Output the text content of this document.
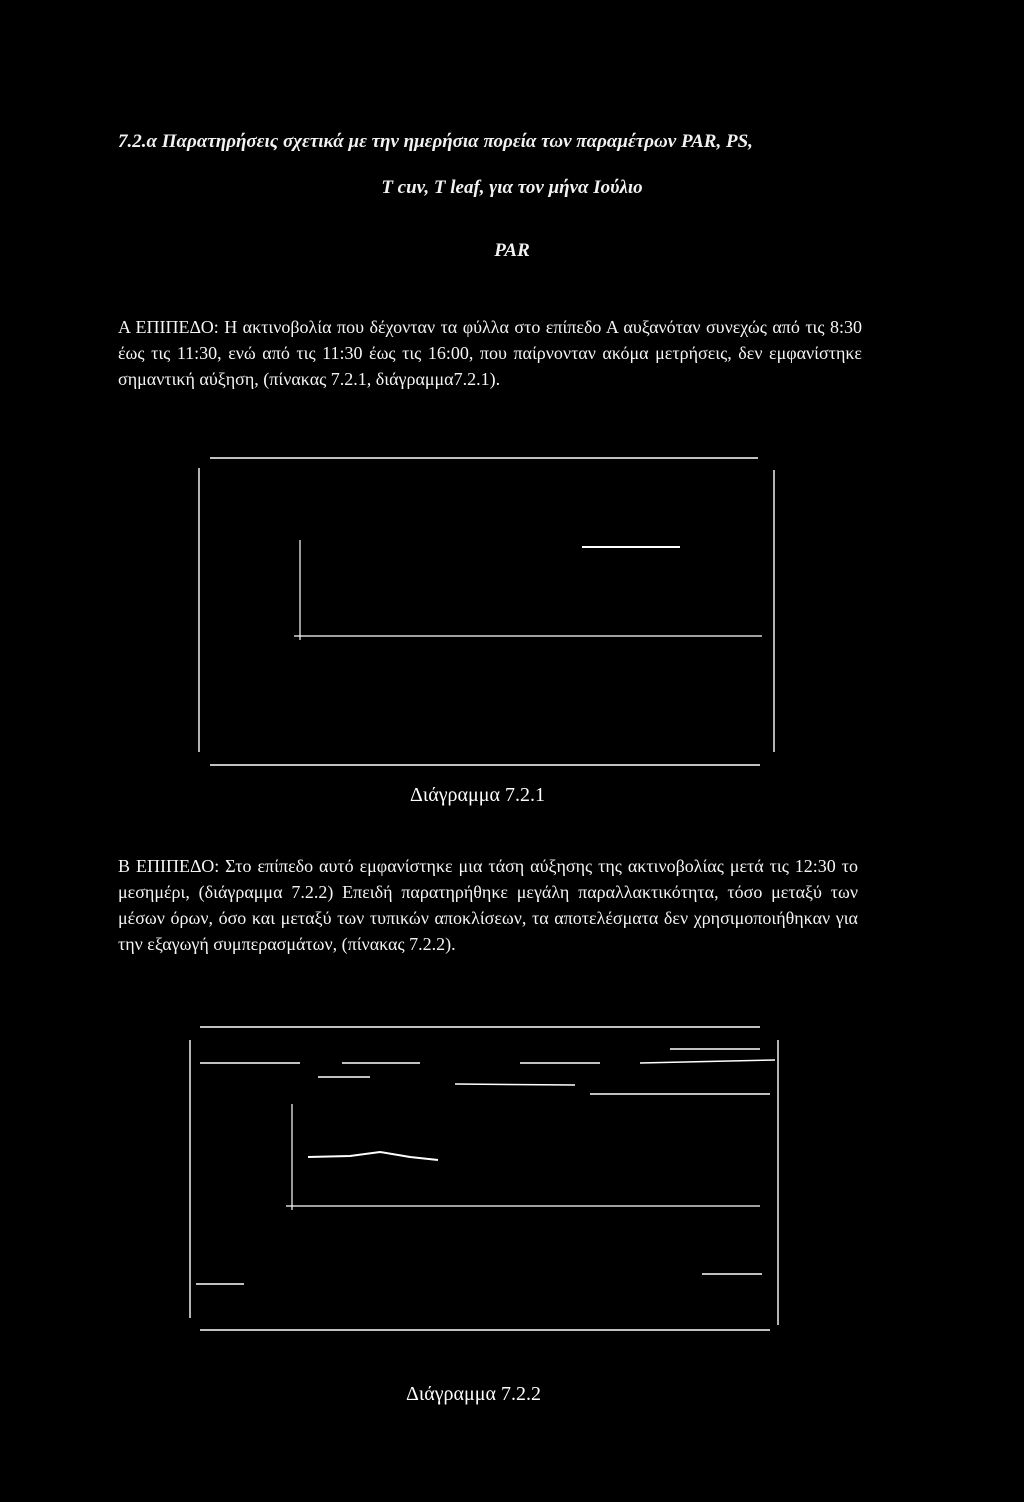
7.2.α Παρατηρήσεις σχετικά με την ημερήσια πορεία των παραμέτρων PAR, PS,
T cuv, T leaf, για τον μήνα Ιούλιο
PAR

Α ΕΠΙΠΕΔΟ: Η ακτινοβολία που δέχονταν τα φύλλα στο επίπεδο Α αυξανόταν συνεχώς από τις 8:30 έως τις 11:30, ενώ από τις 11:30 έως τις 16:00, που παίρνονταν ακόμα μετρήσεις, δεν εμφανίστηκε σημαντική αύξηση, (πίνακας 7.2.1, διάγραμμα7.2.1).

Διάγραμμα 7.2.1

Β ΕΠΙΠΕΔΟ: Στο επίπεδο αυτό εμφανίστηκε μια τάση αύξησης της ακτινοβολίας μετά τις 12:30 το μεσημέρι, (διάγραμμα 7.2.2) Επειδή παρατηρήθηκε μεγάλη παραλλακτικότητα, τόσο μεταξύ των μέσων όρων, όσο και μεταξύ των τυπικών αποκλίσεων, τα αποτελέσματα δεν χρησιμοποιήθηκαν για την εξαγωγή συμπερασμάτων, (πίνακας 7.2.2).

Διάγραμμα 7.2.2
